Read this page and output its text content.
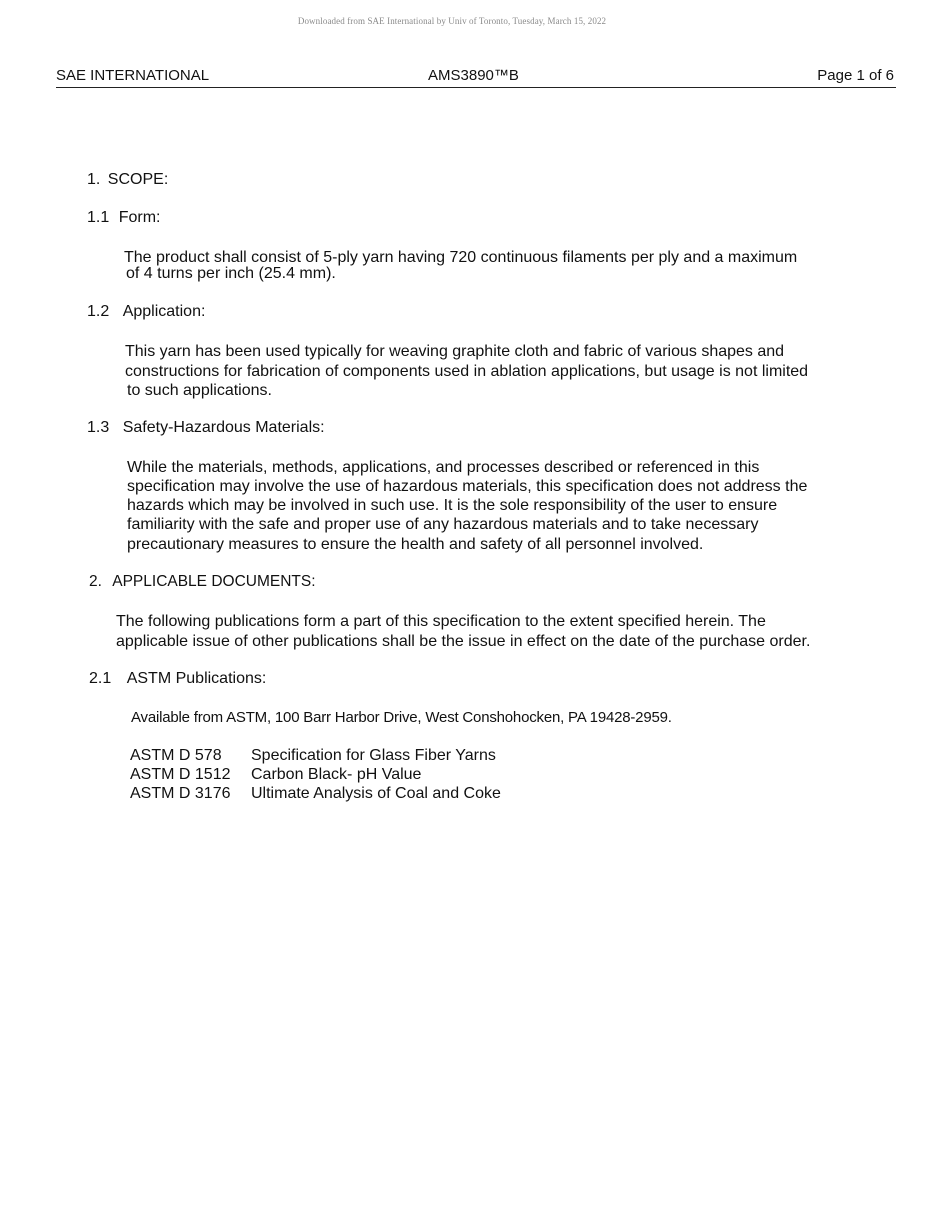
Downloaded from SAE International by Univ of Toronto, Tuesday, March 15, 2022
SAE INTERNATIONAL	AMS3890™B	Page 1 of 6
1. SCOPE:
1.1 Form:
The product shall consist of 5-ply yarn having 720 continuous filaments per ply and a maximum
of 4 turns per inch (25.4 mm).
1.2 Application:
This yarn has been used typically for weaving graphite cloth and fabric of various shapes and
constructions for fabrication of components used in ablation applications, but usage is not limited
to such applications.
1.3 Safety-Hazardous Materials:
While the materials, methods, applications, and processes described or referenced in this
specification may involve the use of hazardous materials, this specification does not address the
hazards which may be involved in such use. It is the sole responsibility of the user to ensure
familiarity with the safe and proper use of any hazardous materials and to take necessary
precautionary measures to ensure the health and safety of all personnel involved.
2. APPLICABLE DOCUMENTS:
The following publications form a part of this specification to the extent specified herein. The
applicable issue of other publications shall be the issue in effect on the date of the purchase order.
2.1 ASTM Publications:
Available from ASTM, 100 Barr Harbor Drive, West Conshohocken, PA 19428-2959.
ASTM D 578 Specification for Glass Fiber Yarns
ASTM D 1512 Carbon Black- pH Value
ASTM D 3176 Ultimate Analysis of Coal and Coke
